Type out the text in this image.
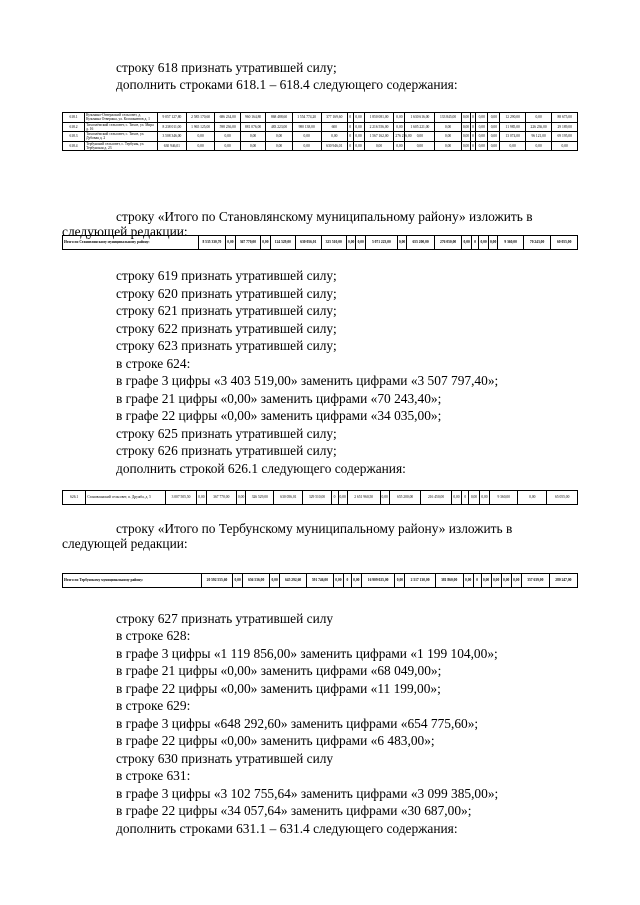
строку 618 признать утратившей силу;
дополнить строками 618.1 – 618.4 следующего содержания:
618.1	Кузьмино-Отвержский сельсовет, д. Кузьмина Отвержка, ул. Космонавтов д. 1	9 057 127,80	2 585 170,60	686 234,00	960 164,80	868 488,60	1 554 774,20	377 169,60	0	0,00	1 850 081,00	0,00	1 630 616,00	133 845,00	0,00	0	0,00	0,00	12 290,00	0,00	88 675,00
618.2	Тихоплёмский сельсовет, с. Тихое, ул. Мира д. 16	8 238 011,00	1 965 125,00	598 236,00	881 076,00	483 223,00	980 138,00	600	0	0,00	2 216 556,00	0,00	1 605 221,00	0,00	0,00	0	0,00	0,00	11 985,00	226 236,00	29 189,00
618.3	Тихоплёмский сельсовет, с. Тихое, ул. Дубовая д. 2	3 508 346,00	0,00	0,00	0,00	0,00	0,00	0,00	0	0,00	1 567 162,00	276 216,00	0,00	0,00	0,00	0	0,00	0,00	13 074,00	96 121,00	69 195,00
618.4	Тербунский сельсовет, с. Тербуны, ул. Тербунская д. 23	630 946,01	0,00	0,00	0,00	0,00	0,00	630 946,01	0	0,00	0,00	0,00	0,00	0,00	0,00	0	0,00	0,00	0,00	0,00	0,00
строку «Итого по Становлянскому муниципальному району» изложить в
следующей редакции:
Итого по Становлянскому муниципальному району:	8 535 330,70	0,00	367 770,00	0,00	124 529,00	630 056,01	325 510,00	0,00	0,00	5 071 223,00	0,00	655 200,00	276 050,00	0,00	0	0,00	0,00	9 360,00	70 243,00	60 055,00
строку 619 признать утратившей силу;
строку 620 признать утратившей силу;
строку 621 признать утратившей силу;
строку 622 признать утратившей силу;
строку 623 признать утратившей силу;
в строке 624:
в графе 3 цифры «3 403 519,00» заменить цифрами «3 507 797,40»;
в графе 21 цифры «0,00» заменить цифрами «70 243,40»;
в графе 22 цифры «0,00» заменить цифрами «34 035,00»;
строку 625 признать утратившей силу;
строку 626 признать утратившей силу;
дополнить строкой 626.1 следующего содержания:
626.1	Становлянский сельсовет, п. Дружба, д. 5	3 007 505,50	0,00	367 770,00	0,00	326 529,00	630 056,01	329 510,00	0	0,00	2 651 960,50	0,00	655 200,00	216 450,00	0,00	0	0,00	0,00	9 360,00	0,00	65 055,00
строку «Итого по Тербунскому муниципальному району» изложить в
следующей редакции:
Итого по Тербунскому муниципальному району:	20 592 555,60	0,00	656 536,00	0,00	645 292,60	591 746,00	0,00	0	0,00	16 909 025,00	0,00	2 517 130,00	381 860,00	0,00	0	0,00	0,00	0,00	0,00	357 639,00	280 247,00
строку 627 признать утратившей силу
в строке 628:
в графе 3 цифры «1 119 856,00» заменить цифрами «1 199 104,00»;
в графе 21 цифры «0,00» заменить цифрами «68 049,00»;
в графе 22 цифры «0,00» заменить цифрами «11 199,00»;
в строке 629:
в графе 3 цифры «648 292,60» заменить цифрами «654 775,60»;
в графе 22 цифры «0,00» заменить цифрами «6 483,00»;
строку 630 признать утратившей силу
в строке 631:
в графе 3 цифры «3 102 755,64» заменить цифрами «3 099 385,00»;
в графе 22 цифры «34 057,64» заменить цифрами «30 687,00»;
дополнить строками 631.1 – 631.4 следующего содержания:
